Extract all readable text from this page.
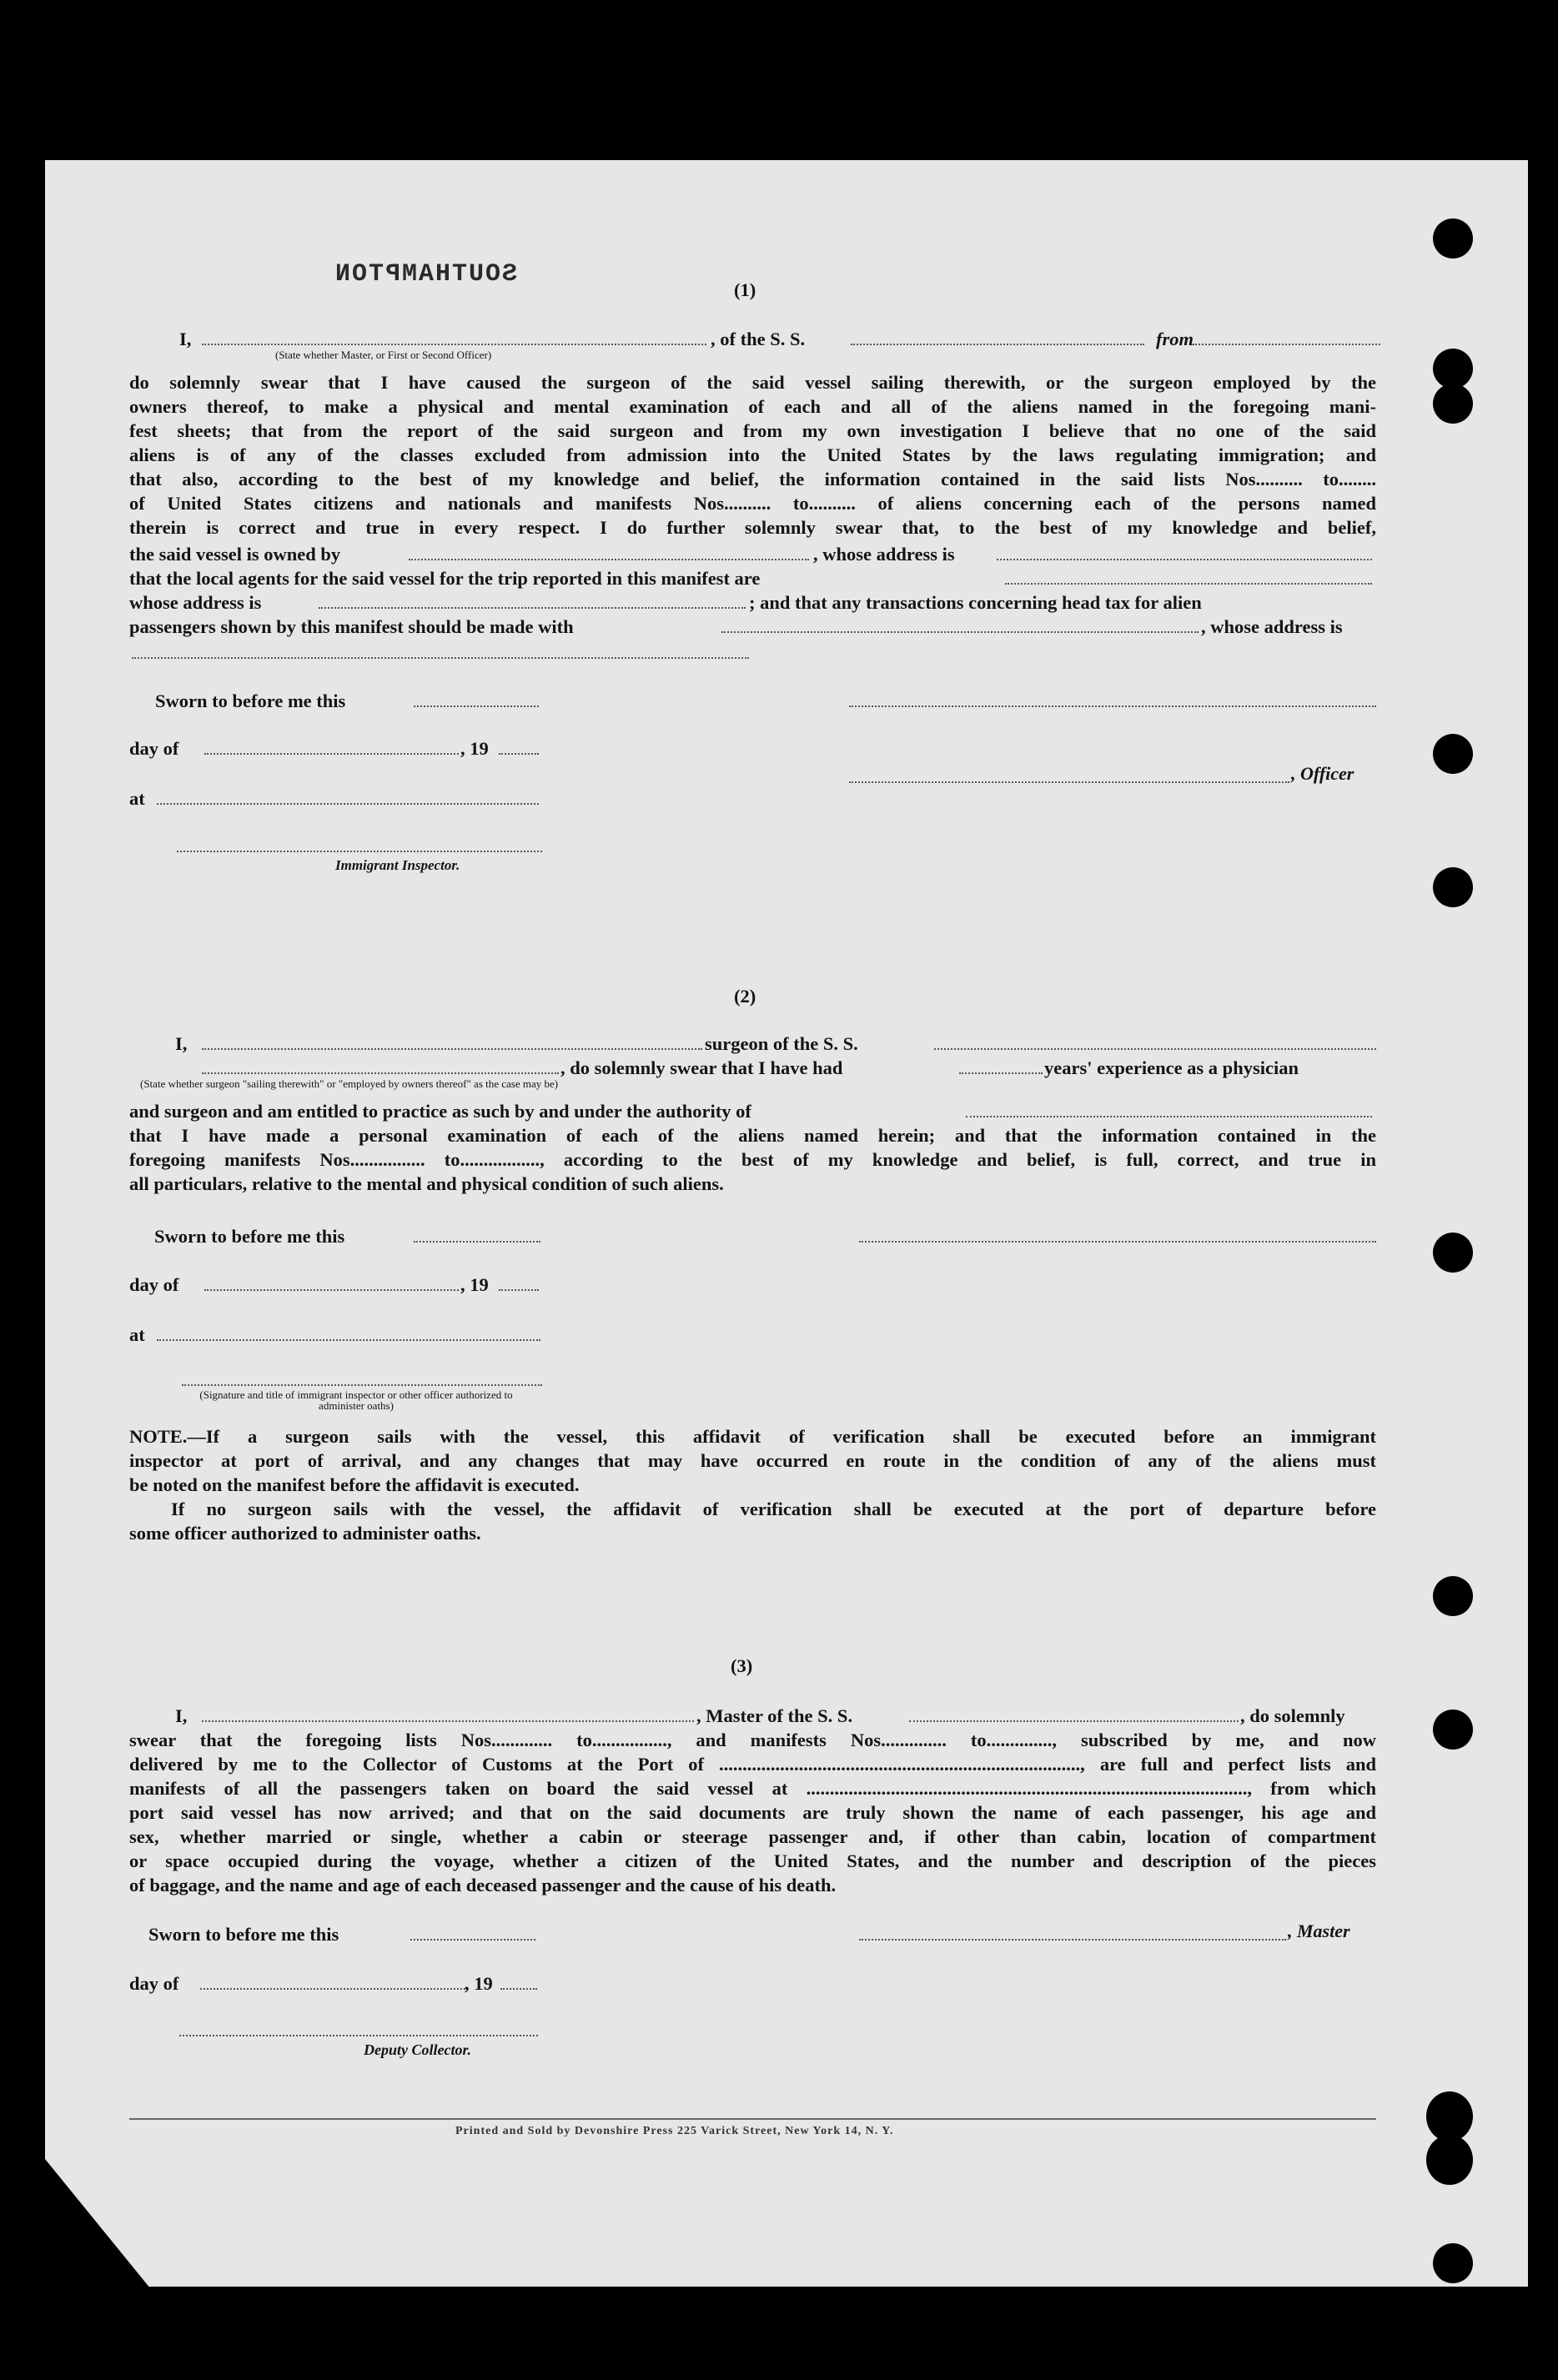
SOUTHAMPTON
(1)
I,	, of the S. S.	from
(State whether Master, or First or Second Officer)
do solemnly swear that I have caused the surgeon of the said vessel sailing therewith, or the surgeon employed by the
owners thereof, to make a physical and mental examination of each and all of the aliens named in the foregoing mani-
fest sheets; that from the report of the said surgeon and from my own investigation I believe that no one of the said
aliens is of any of the classes excluded from admission into the United States by the laws regulating immigration; and
that also, according to the best of my knowledge and belief, the information contained in the said lists Nos.......... to........
of United States citizens and nationals and manifests Nos.......... to.......... of aliens concerning each of the persons named
therein is correct and true in every respect. I do further solemnly swear that, to the best of my knowledge and belief,
the said vessel is owned by	, whose address is
that the local agents for the said vessel for the trip reported in this manifest are
whose address is	; and that any transactions concerning head tax for alien
passengers shown by this manifest should be made with	, whose address is
Sworn to before me this
day of	, 19
, Officer
at
Immigrant Inspector.
(2)
I,	surgeon of the S. S.
, do solemnly swear that I have had	years' experience as a physician
(State whether surgeon "sailing therewith" or "employed by owners thereof" as the case may be)
and surgeon and am entitled to practice as such by and under the authority of
that I have made a personal examination of each of the aliens named herein; and that the information contained in the
foregoing manifests Nos................ to................., according to the best of my knowledge and belief, is full, correct, and true in
all particulars, relative to the mental and physical condition of such aliens.
Sworn to before me this
day of	, 19
at
(Signature and title of immigrant inspector or other officer authorized to administer oaths)
NOTE.—If a surgeon sails with the vessel, this affidavit of verification shall be executed before an immigrant
inspector at port of arrival, and any changes that may have occurred en route in the condition of any of the aliens must
be noted on the manifest before the affidavit is executed.
If no surgeon sails with the vessel, the affidavit of verification shall be executed at the port of departure before
some officer authorized to administer oaths.
(3)
I,	, Master of the S. S.	, do solemnly
swear that the foregoing lists Nos............. to................, and manifests Nos.............. to.............., subscribed by me, and now
delivered by me to the Collector of Customs at the Port of ............................................................................., are full and perfect lists and
manifests of all the passengers taken on board the said vessel at .............................................................................................., from which
port said vessel has now arrived; and that on the said documents are truly shown the name of each passenger, his age and
sex, whether married or single, whether a cabin or steerage passenger and, if other than cabin, location of compartment
or space occupied during the voyage, whether a citizen of the United States, and the number and description of the pieces
of baggage, and the name and age of each deceased passenger and the cause of his death.
Sworn to before me this	, Master
day of	, 19
Deputy Collector.
Printed and Sold by Devonshire Press 225 Varick Street, New York 14, N. Y.
